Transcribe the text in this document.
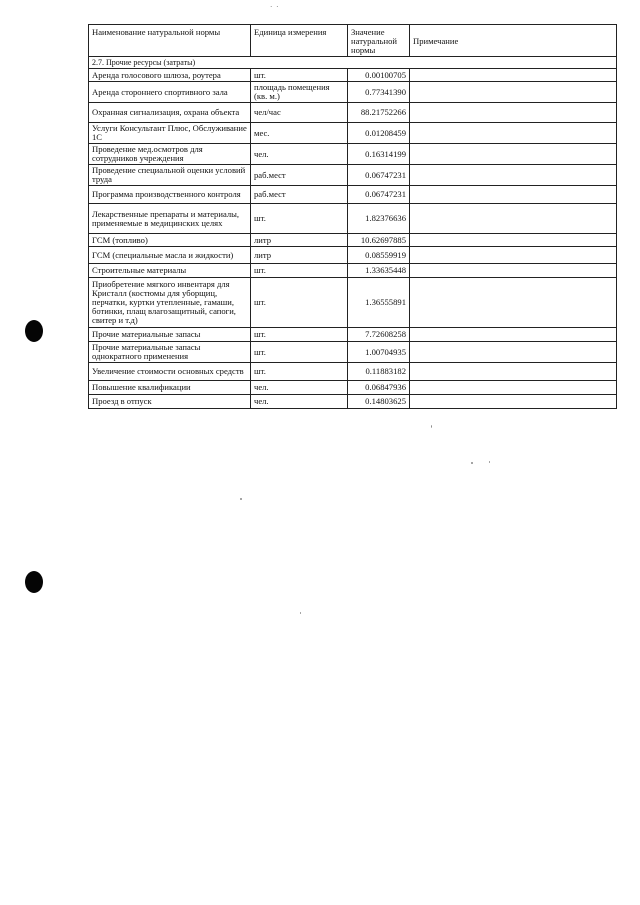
· ·
Наименование натуральной нормы	Единица измерения	Значение натуральной нормы	Примечание
2.7. Прочие ресурсы (затраты)			
Аренда голосового шлюза, роутера	шт.	0.00100705	
Аренда стороннего спортивного зала	площадь помещения (кв. м.)	0.77341390	
Охранная сигнализация, охрана объекта	чел/час	88.21752266	
Услуги Консультант Плюс, Обслуживание 1С	мес.	0.01208459	
Проведение мед.осмотров для сотрудников учреждения	чел.	0.16314199	
Проведение специальной оценки условий труда	раб.мест	0.06747231	
Программа производственного контроля	раб.мест	0.06747231	
Лекарственные препараты и материалы, применяемые в медицинских целях	шт.	1.82376636	
ГСМ (топливо)	литр	10.62697885	
ГСМ (специальные масла и жидкости)	литр	0.08559919	
Строительные материалы	шт.	1.33635448	
Приобретение мягкого инвентаря для Кристалл (костюмы для уборщиц, перчатки, куртки утепленные, гамаши, ботинки, плащ влагозащитный, сапоги, свитер и т.д)	шт.	1.36555891	
Прочие материальные запасы	шт.	7.72608258	
Прочие материальные запасы однократного применения	шт.	1.00704935	
Увеличение стоимости основных средств	шт.	0.11883182	
Повышение квалификации	чел.	0.06847936	
Проезд в отпуск	чел.	0.14803625	
